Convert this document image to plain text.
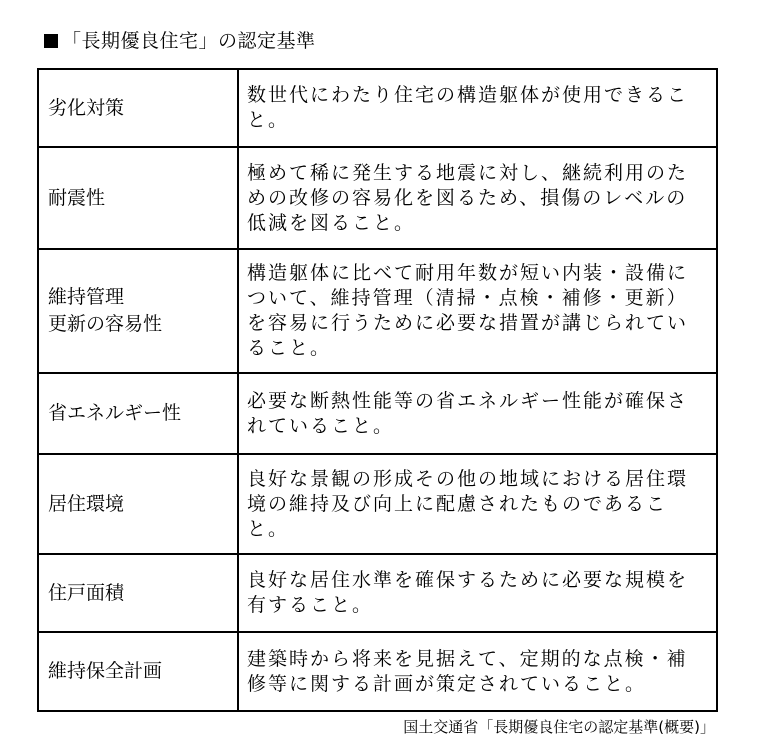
「長期優良住宅」の認定基準
劣化対策	数世代にわたり住宅の構造躯体が使用できること。

耐震性	極めて稀に発生する地震に対し、継続利用のための改修の容易化を図るため、損傷のレベルの低減を図ること。

維持管理
更新の容易性	構造躯体に比べて耐用年数が短い内装・設備について、維持管理（清掃・点検・補修・更新）を容易に行うために必要な措置が講じられていること。

省エネルギー性	必要な断熱性能等の省エネルギー性能が確保されていること。

居住環境	良好な景観の形成その他の地域における居住環境の維持及び向上に配慮されたものであること。

住戸面積	良好な居住水準を確保するために必要な規模を有すること。

維持保全計画	建築時から将来を見据えて、定期的な点検・補修等に関する計画が策定されていること。
国土交通省「長期優良住宅の認定基準(概要)」
